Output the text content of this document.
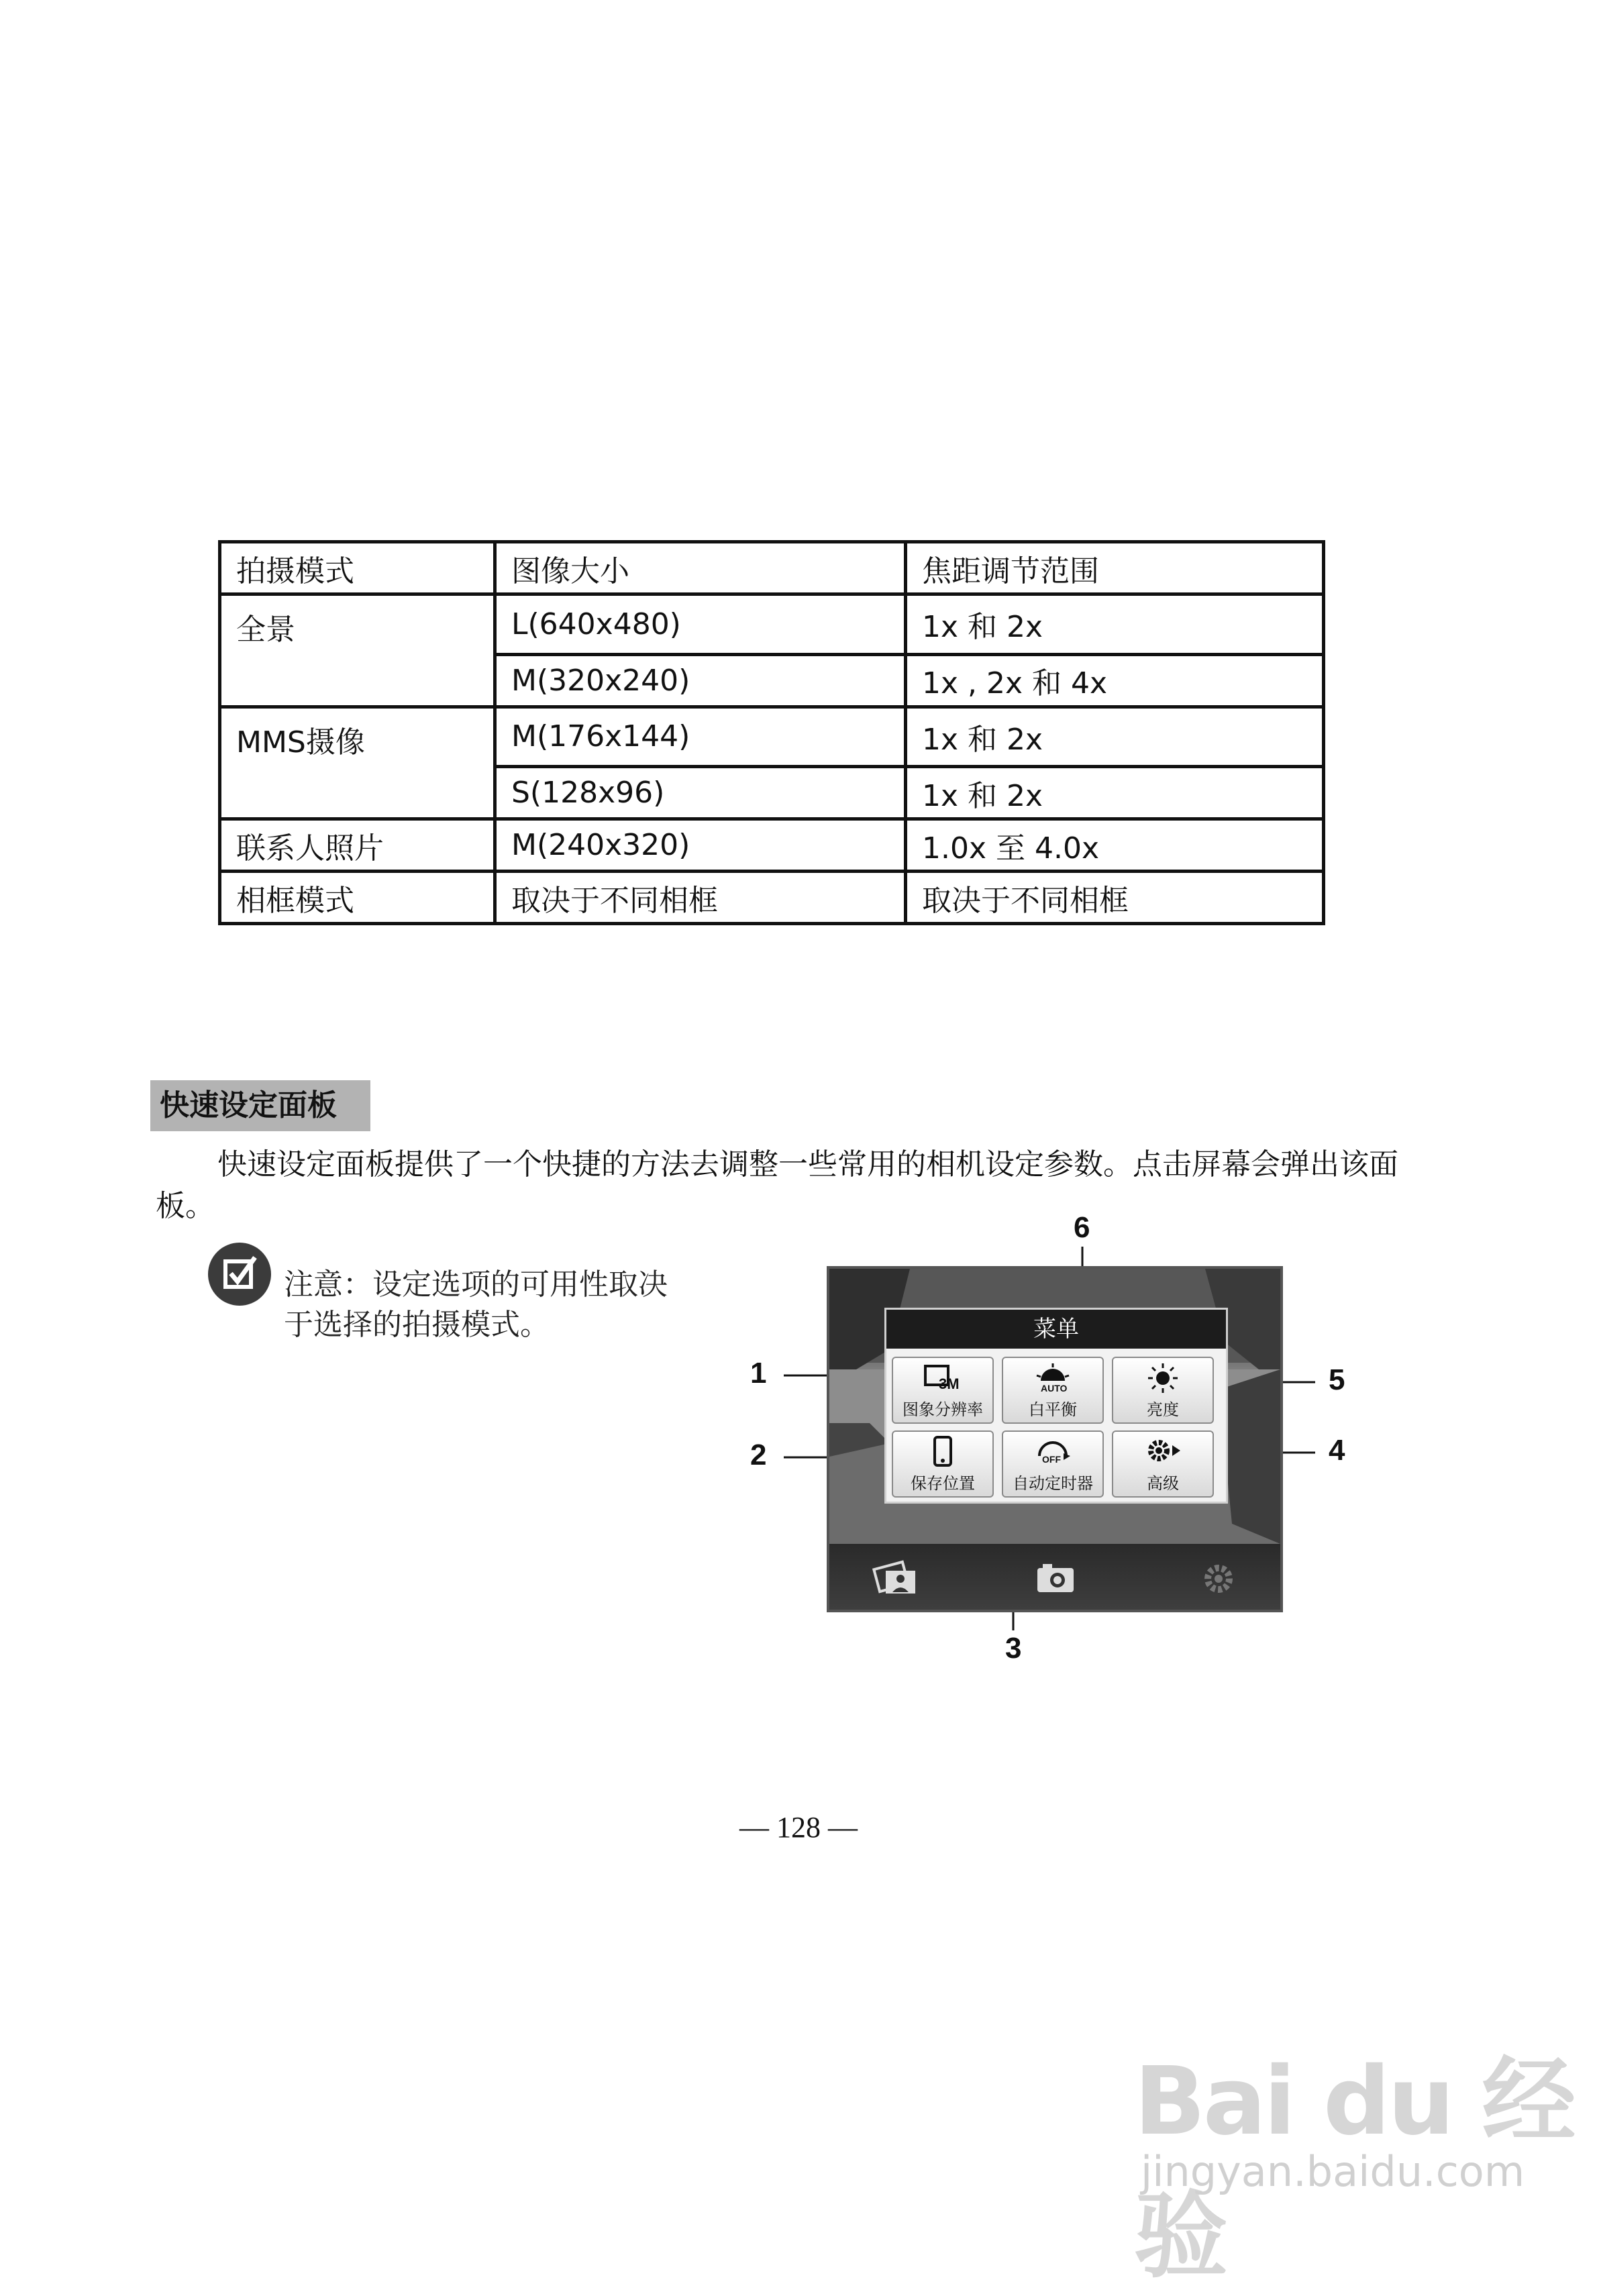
拍摄模式	图像大小	焦距调节范围
全景	L(640x480)	1x 和 2x
	M(320x240)	1x , 2x 和 4x
MMS摄像	M(176x144)	1x 和 2x
	S(128x96)	1x 和 2x
联系人照片	M(240x320)	1.0x 至 4.0x
相框模式	取决于不同相框	取决于不同相框
快速设定面板

快速设定面板提供了一个快捷的方法去调整一些常用的相机设定参数。点击屏幕会弹出该面板。

注意：设定选项的可用性取决于选择的拍摄模式。	菜单
3M
图象分辨率
AUTO
白平衡	亮度
保存位置
OFF
自动定时器	高级
1
2
3
4
5
6
— 128 —
Bai du 经验
jingyan.baidu.com
